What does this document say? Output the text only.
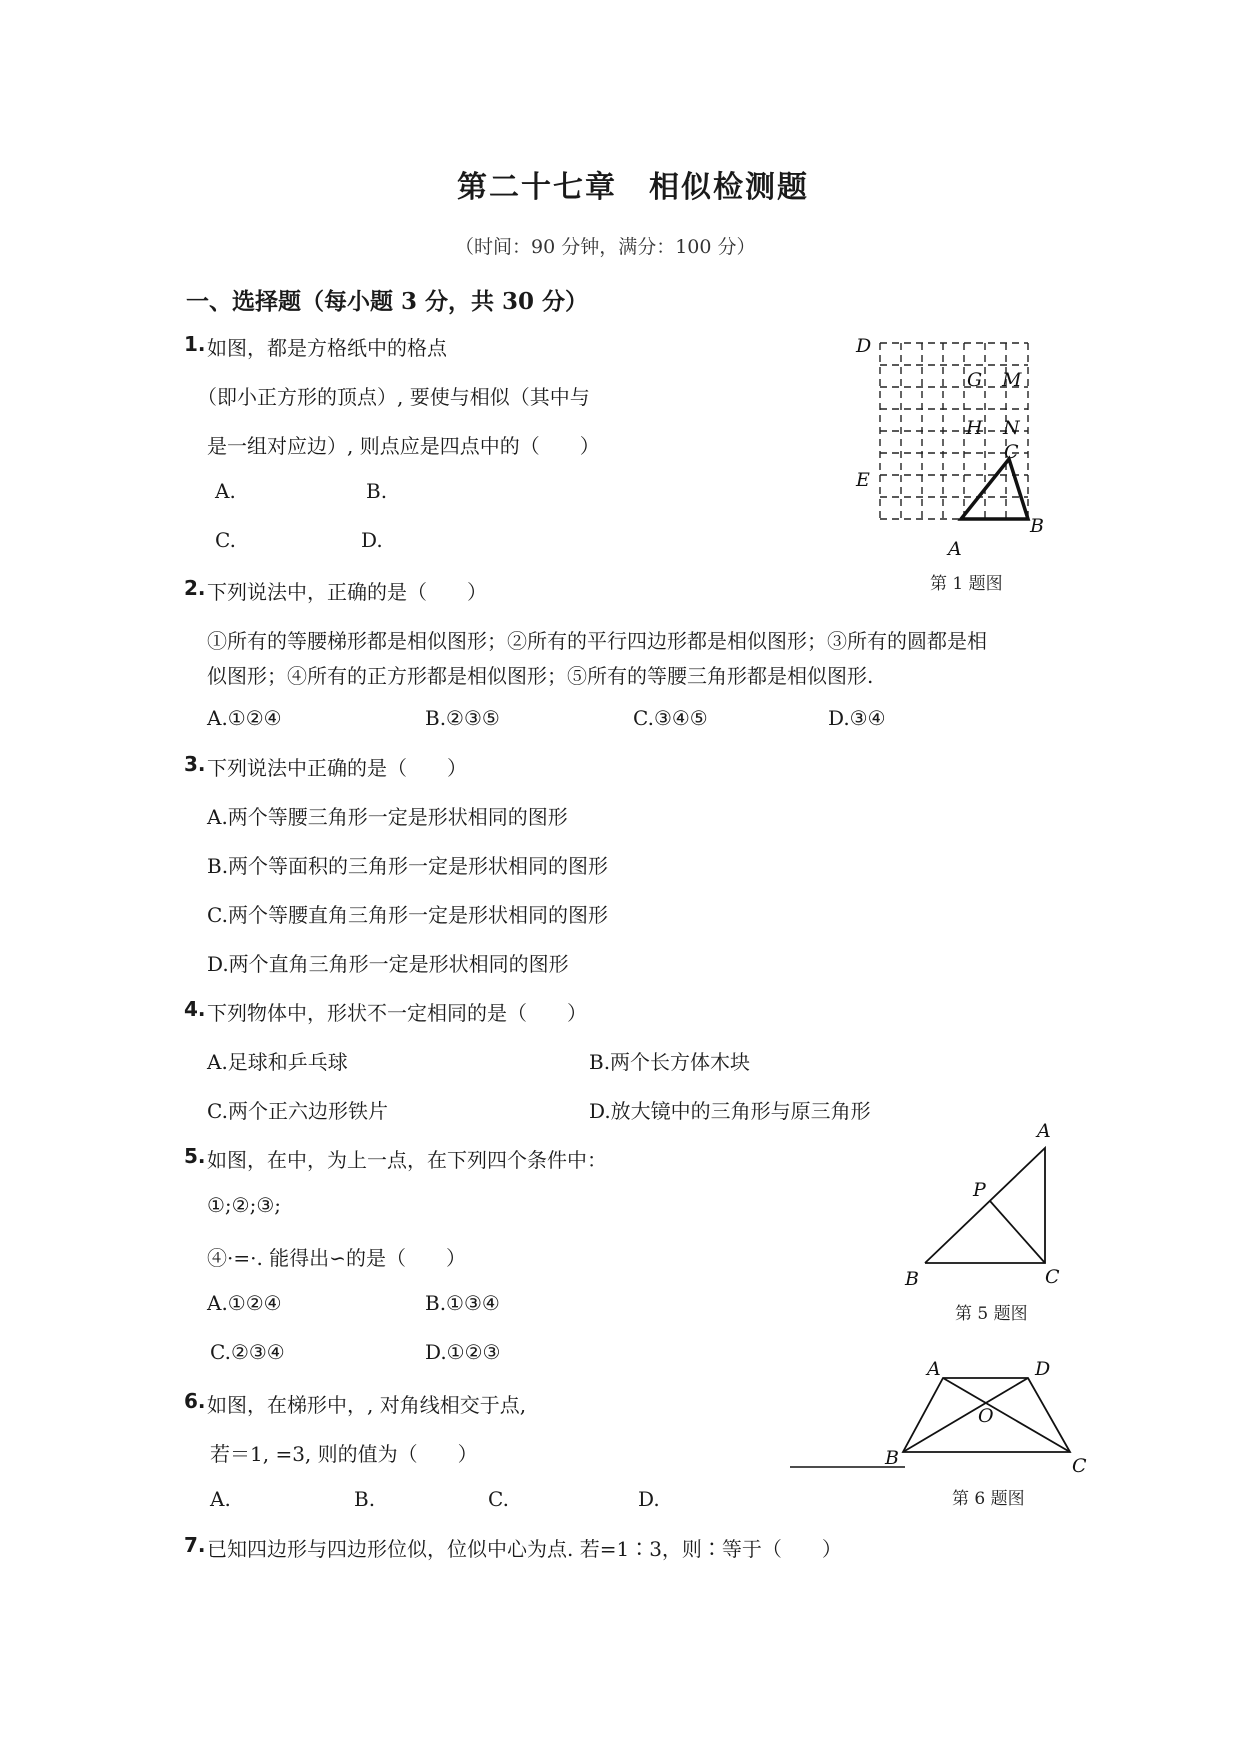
第二十七章　相似检测题
（时间：90 分钟，满分：100 分）
一、选择题（每小题 3 分，共 30 分）
1. 如图，都是方格纸中的格点
（即小正方形的顶点）, 要使与相似（其中与
是一组对应边）, 则点应是四点中的（　　）
A.	B.
C.	D.
D
G M
H N
C
E
B
A
第 1 题图
2. 下列说法中，正确的是（　　）
①所有的等腰梯形都是相似图形；②所有的平行四边形都是相似图形；③所有的圆都是相
似图形；④所有的正方形都是相似图形；⑤所有的等腰三角形都是相似图形.
A.①②④	B.②③⑤	C.③④⑤	D.③④
3. 下列说法中正确的是（　　）
A.两个等腰三角形一定是形状相同的图形
B.两个等面积的三角形一定是形状相同的图形
C.两个等腰直角三角形一定是形状相同的图形
D.两个直角三角形一定是形状相同的图形
4. 下列物体中，形状不一定相同的是（　　）
A.足球和乒乓球	B.两个长方体木块
C.两个正六边形铁片	D.放大镜中的三角形与原三角形
5. 如图，在中，为上一点，在下列四个条件中：
①;②;③;
④·=·. 能得出∽的是（　　）
A.①②④	B.①③④
C.②③④	D.①②③
A
P
B	C
第 5 题图
6. 如图，在梯形中，, 对角线相交于点,
若＝1, =3, 则的值为（　　）
A.	B.	C.	D.
A	D
O
B	C
第 6 题图
7. 已知四边形与四边形位似，位似中心为点. 若=1∶3，则∶等于（　　）
